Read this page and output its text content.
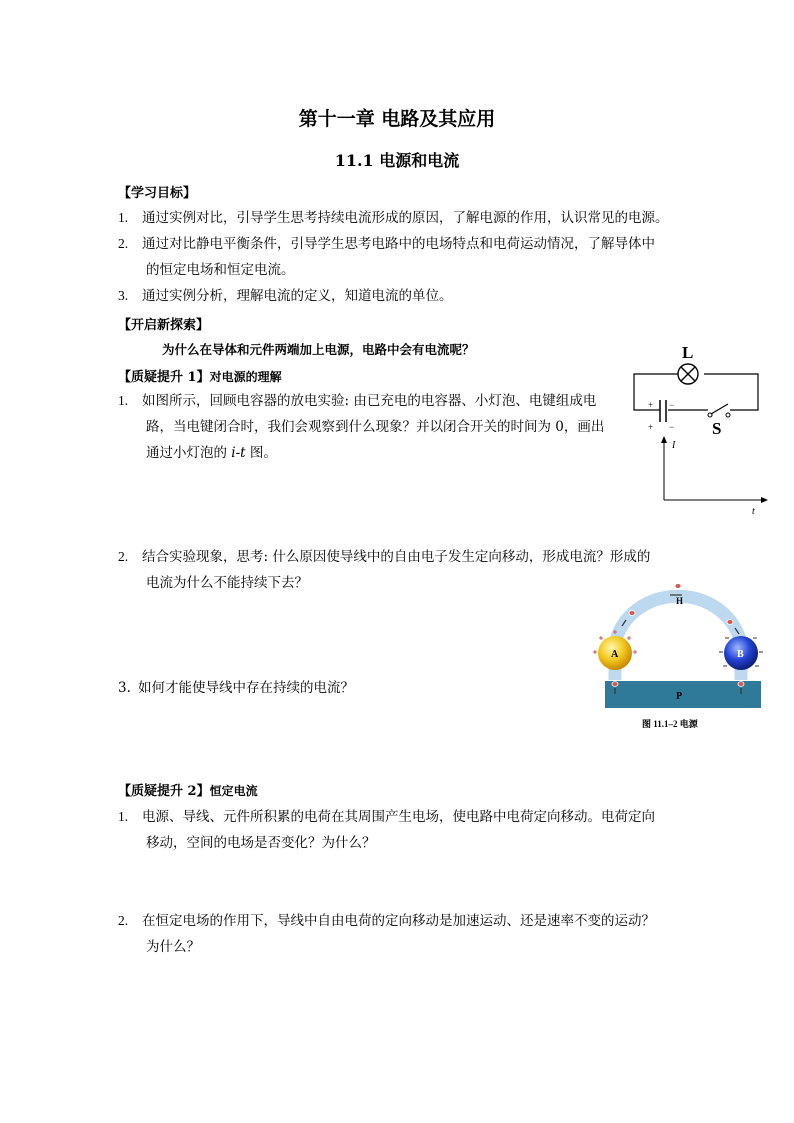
第十一章 电路及其应用
11.1 电源和电流
【学习目标】
1. 通过实例对比，引导学生思考持续电流形成的原因，了解电源的作用，认识常见的电源。
2. 通过对比静电平衡条件，引导学生思考电路中的电场特点和电荷运动情况，了解导体中
的恒定电场和恒定电流。
3. 通过实例分析，理解电流的定义，知道电流的单位。
【开启新探索】
为什么在导体和元件两端加上电源，电路中会有电流呢？
【质疑提升 1】对电源的理解
1. 如图所示，回顾电容器的放电实验: 由已充电的电容器、小灯泡、电键组成电
路，当电键闭合时，我们会观察到什么现象？并以闭合开关的时间为 0，画出
通过小灯泡的 i-t 图。
2. 结合实验现象，思考: 什么原因使导线中的自由电子发生定向移动，形成电流？形成的
电流为什么不能持续下去？
3. 如何才能使导线中存在持续的电流？
【质疑提升 2】恒定电流
1. 电源、导线、元件所积累的电荷在其周围产生电场，使电路中电荷定向移动。电荷定向
移动，空间的电场是否变化？为什么？
2. 在恒定电场的作用下，导线中自由电荷的定向移动是加速运动、还是速率不变的运动？
为什么？
+ −
+ −
L
S
I
t
P
H
A	B
图 11.1–2 电源
